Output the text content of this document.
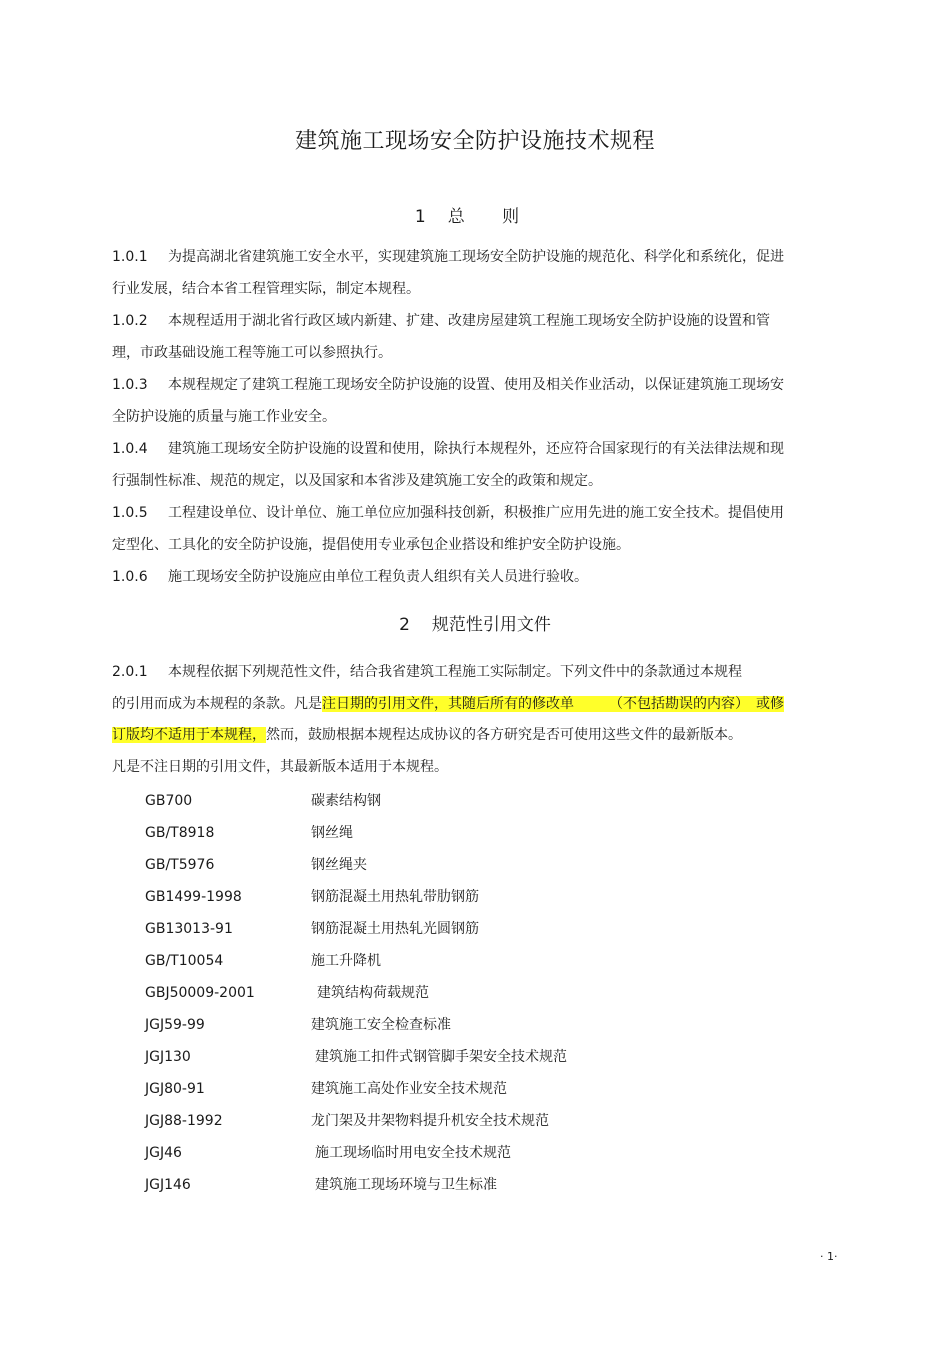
建筑施工现场安全防护设施技术规程
1 总 则
1.0.1 为提高湖北省建筑施工安全水平，实现建筑施工现场安全防护设施的规范化、科学化和系统化，促进行业发展，结合本省工程管理实际，制定本规程。
1.0.2 本规程适用于湖北省行政区域内新建、扩建、改建房屋建筑工程施工现场安全防护设施的设置和管理，市政基础设施工程等施工可以参照执行。
1.0.3 本规程规定了建筑工程施工现场安全防护设施的设置、使用及相关作业活动，以保证建筑施工现场安全防护设施的质量与施工作业安全。
1.0.4 建筑施工现场安全防护设施的设置和使用，除执行本规程外，还应符合国家现行的有关法律法规和现行强制性标准、规范的规定，以及国家和本省涉及建筑施工安全的政策和规定。
1.0.5 工程建设单位、设计单位、施工单位应加强科技创新，积极推广应用先进的施工安全技术。提倡使用定型化、工具化的安全防护设施，提倡使用专业承包企业搭设和维护安全防护设施。
1.0.6 施工现场安全防护设施应由单位工程负责人组织有关人员进行验收。
2 规范性引用文件
2.0.1 本规程依据下列规范性文件，结合我省建筑工程施工实际制定。下列文件中的条款通过本规程
的引用而成为本规程的条款。凡是注日期的引用文件，其随后所有的修改单　　　（不包括勘误的内容）　或修
订版均不适用于本规程，然而，鼓励根据本规程达成协议的各方研究是否可使用这些文件的最新版本。
凡是不注日期的引用文件，其最新版本适用于本规程。
GB700	碳素结构钢
GB/T8918	钢丝绳
GB/T5976	钢丝绳夹
GB1499-1998	钢筋混凝土用热轧带肋钢筋
GB13013-91	钢筋混凝土用热轧光圆钢筋
GB/T10054	施工升降机
GBJ50009-2001	建筑结构荷载规范
JGJ59-99	建筑施工安全检查标准
JGJ130	建筑施工扣件式钢管脚手架安全技术规范
JGJ80-91	建筑施工高处作业安全技术规范
JGJ88-1992	龙门架及井架物料提升机安全技术规范
JGJ46	施工现场临时用电安全技术规范
JGJ146	建筑施工现场环境与卫生标准
· 1·
